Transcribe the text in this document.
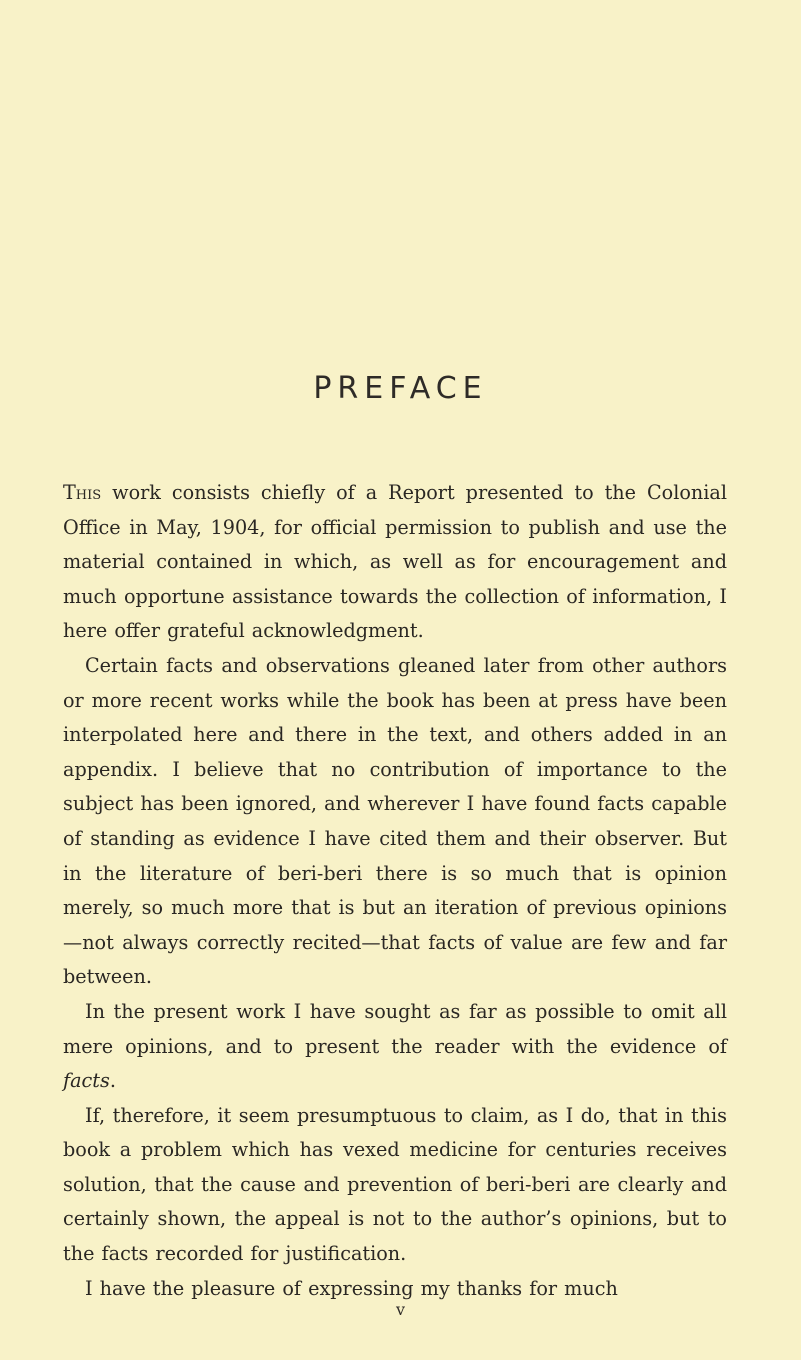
PREFACE

This work consists chiefly of a Report presented to the Colonial Office in May, 1904, for official permission to publish and use the material contained in which, as well as for encouragement and much opportune assistance towards the collection of information, I here offer grateful acknowledgment.

Certain facts and observations gleaned later from other authors or more recent works while the book has been at press have been interpolated here and there in the text, and others added in an appendix. I believe that no contribution of importance to the subject has been ignored, and wherever I have found facts capable of standing as evidence I have cited them and their observer. But in the literature of beri-beri there is so much that is opinion merely, so much more that is but an iteration of previous opinions—not always correctly recited—that facts of value are few and far between.

In the present work I have sought as far as possible to omit all mere opinions, and to present the reader with the evidence of facts.

If, therefore, it seem presumptuous to claim, as I do, that in this book a problem which has vexed medicine for centuries receives solution, that the cause and prevention of beri-beri are clearly and certainly shown, the appeal is not to the author’s opinions, but to the facts recorded for justification.

I have the pleasure of expressing my thanks for much

v
